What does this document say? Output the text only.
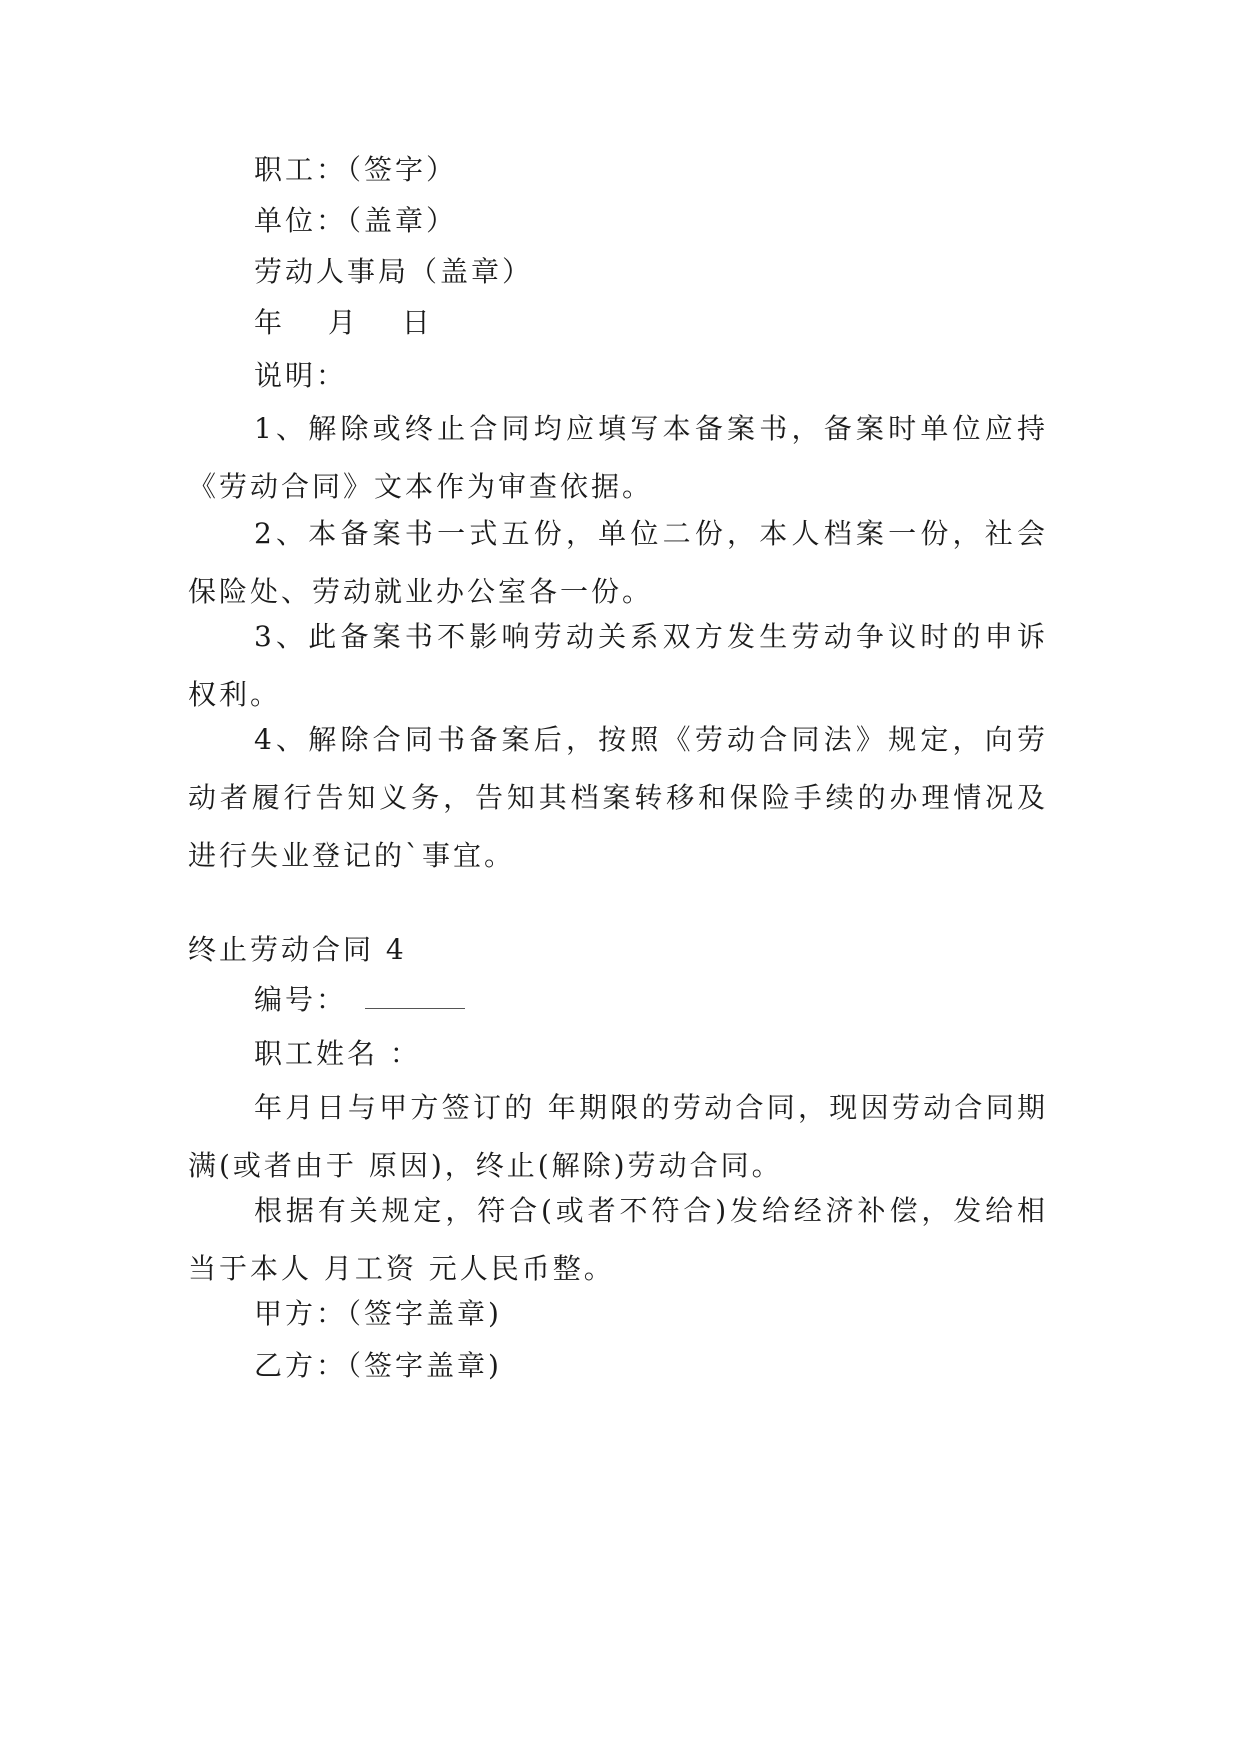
职工：（签字）
单位：（盖章）
劳动人事局（盖章）
年　 月　 日
说明：
1、解除或终止合同均应填写本备案书，备案时单位应持《劳动合同》文本作为审查依据。
2、本备案书一式五份，单位二份，本人档案一份，社会保险处、劳动就业办公室各一份。
3、此备案书不影响劳动关系双方发生劳动争议时的申诉权利。
4、解除合同书备案后，按照《劳动合同法》规定，向劳动者履行告知义务，告知其档案转移和保险手续的办理情况及进行失业登记的`事宜。
终止劳动合同 4
编号：
职工姓名 ：
年月日与甲方签订的 年期限的劳动合同，现因劳动合同期满(或者由于 原因)，终止(解除)劳动合同。
根据有关规定，符合(或者不符合)发给经济补偿，发给相当于本人 月工资 元人民币整。
甲方：（签字盖章)
乙方：（签字盖章)
